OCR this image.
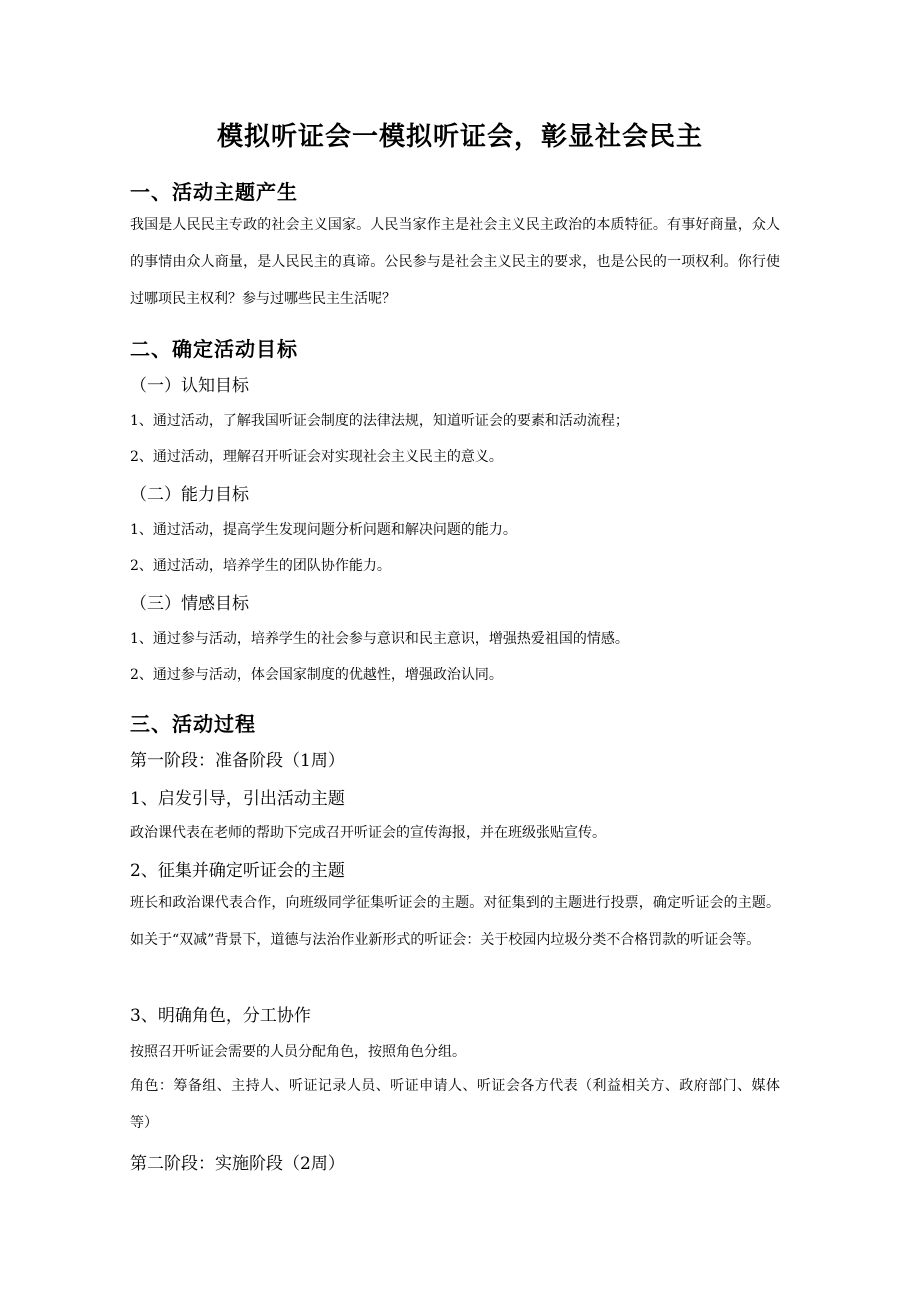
模拟听证会一模拟听证会，彰显社会民主
一、活动主题产生

我国是人民民主专政的社会主义国家。人民当家作主是社会主义民主政治的本质特征。有事好商量，众人的事情由众人商量，是人民民主的真谛。公民参与是社会主义民主的要求，也是公民的一项权利。你行使过哪项民主权利？参与过哪些民主生活呢？

二、确定活动目标
（一）认知目标
1、通过活动，了解我国听证会制度的法律法规，知道听证会的要素和活动流程；
2、通过活动，理解召开听证会对实现社会主义民主的意义。
（二）能力目标
1、通过活动，提高学生发现问题分析问题和解决问题的能力。
2、通过活动，培养学生的团队协作能力。
（三）情感目标
1、通过参与活动，培养学生的社会参与意识和民主意识，增强热爱祖国的情感。
2、通过参与活动，体会国家制度的优越性，增强政治认同。
三、活动过程
第一阶段：准备阶段（1周）
1、启发引导，引出活动主题
政治课代表在老师的帮助下完成召开听证会的宣传海报，并在班级张贴宣传。
2、征集并确定听证会的主题

班长和政治课代表合作，向班级同学征集听证会的主题。对征集到的主题进行投票，确定听证会的主题。如关于“双减”背景下，道德与法治作业新形式的听证会：关于校园内垃圾分类不合格罚款的听证会等。

3、明确角色，分工协作
按照召开听证会需要的人员分配角色，按照角色分组。

角色：筹备组、主持人、听证记录人员、听证申请人、听证会各方代表（利益相关方、政府部门、媒体等）

第二阶段：实施阶段（2周）
